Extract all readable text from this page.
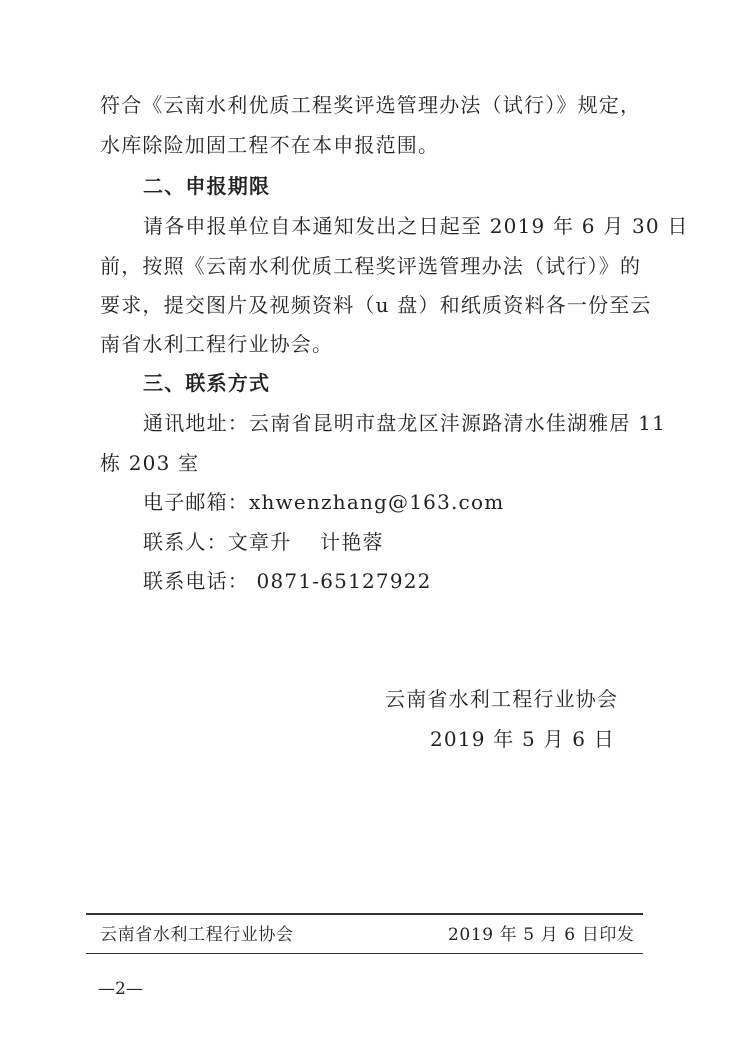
符合《云南水利优质工程奖评选管理办法（试行）》规定，
水库除险加固工程不在本申报范围。
二、申报期限
请各申报单位自本通知发出之日起至 2019 年 6 月 30 日
前，按照《云南水利优质工程奖评选管理办法（试行）》的
要求，提交图片及视频资料（u 盘）和纸质资料各一份至云
南省水利工程行业协会。
三、联系方式
通讯地址：云南省昆明市盘龙区沣源路清水佳湖雅居 11
栋 203 室
电子邮箱：xhwenzhang@163.com
联系人：文章升　 计艳蓉
联系电话： 0871-65127922
云南省水利工程行业协会
2019 年 5 月 6 日
云南省水利工程行业协会	2019 年 5 月 6 日印发
—2—
